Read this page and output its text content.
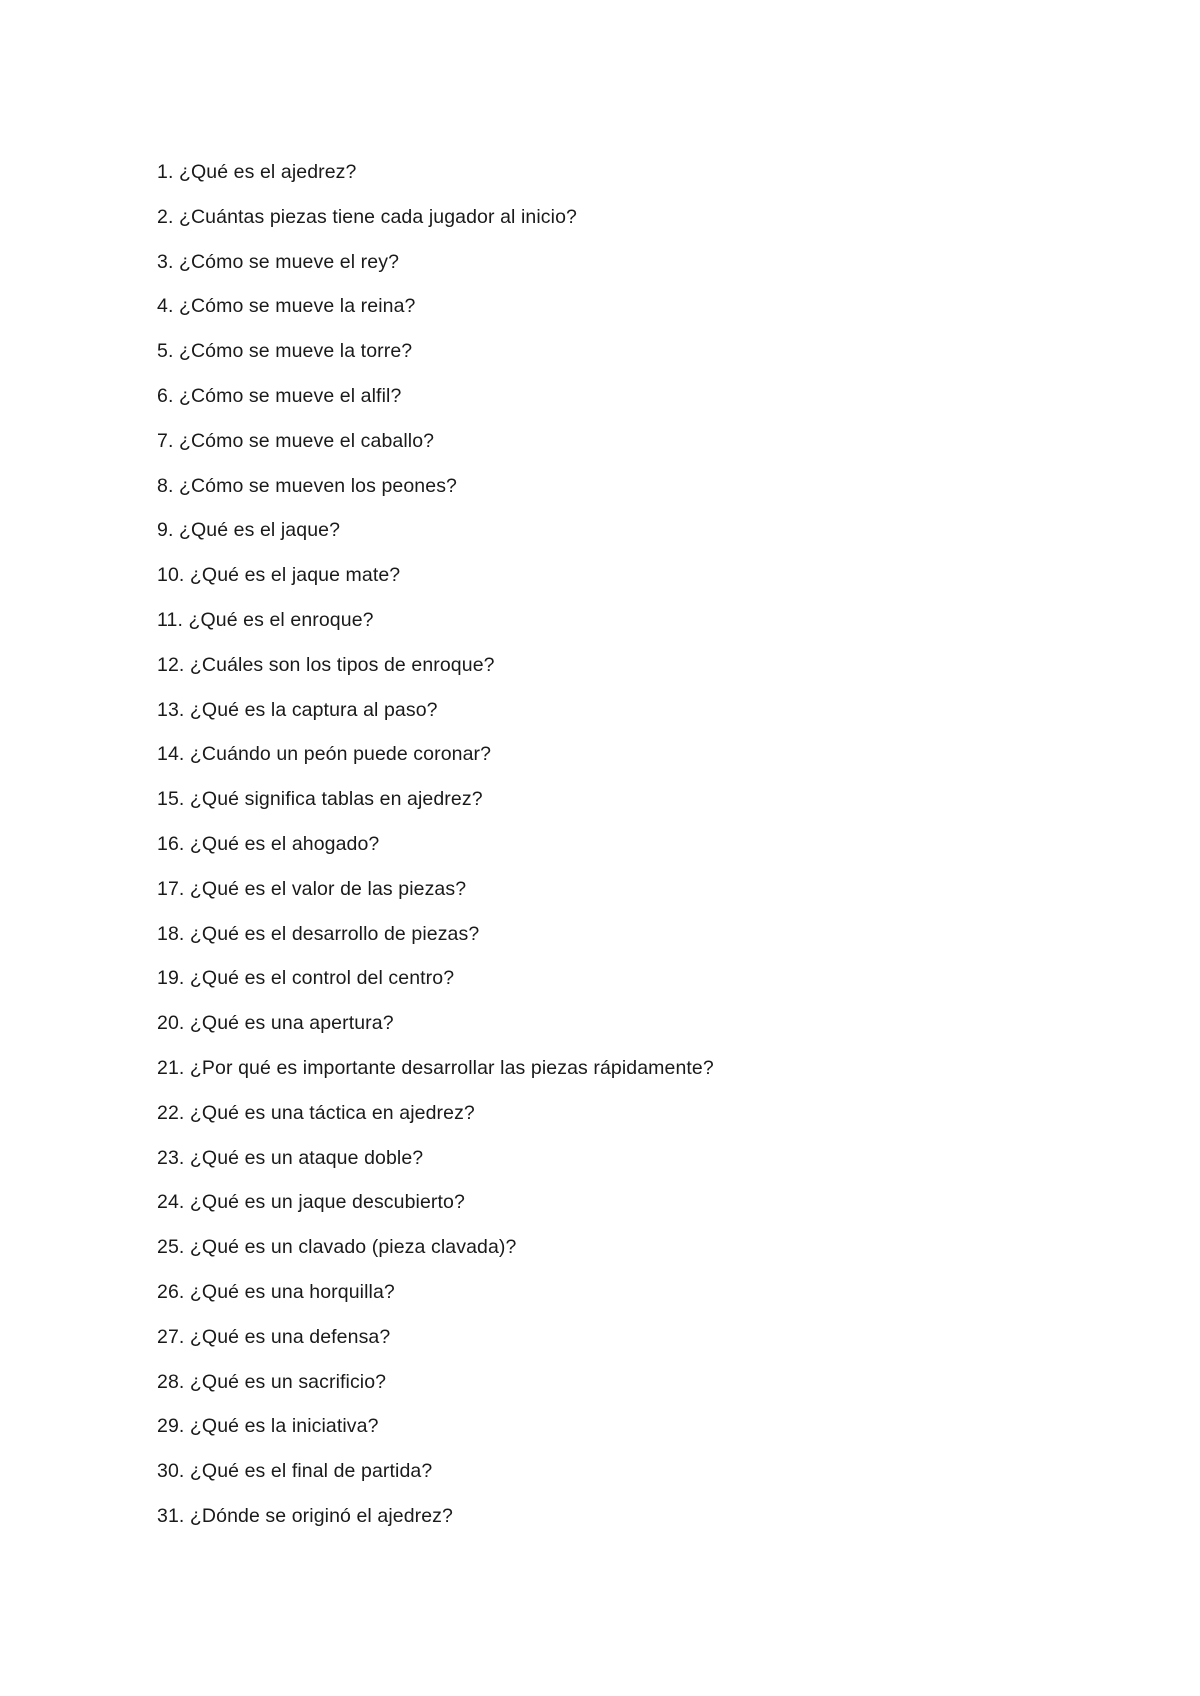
1. ¿Qué es el ajedrez?
2. ¿Cuántas piezas tiene cada jugador al inicio?
3. ¿Cómo se mueve el rey?
4. ¿Cómo se mueve la reina?
5. ¿Cómo se mueve la torre?
6. ¿Cómo se mueve el alfil?
7. ¿Cómo se mueve el caballo?
8. ¿Cómo se mueven los peones?
9. ¿Qué es el jaque?
10. ¿Qué es el jaque mate?
11. ¿Qué es el enroque?
12. ¿Cuáles son los tipos de enroque?
13. ¿Qué es la captura al paso?
14. ¿Cuándo un peón puede coronar?
15. ¿Qué significa tablas en ajedrez?
16. ¿Qué es el ahogado?
17. ¿Qué es el valor de las piezas?
18. ¿Qué es el desarrollo de piezas?
19. ¿Qué es el control del centro?
20. ¿Qué es una apertura?
21. ¿Por qué es importante desarrollar las piezas rápidamente?
22. ¿Qué es una táctica en ajedrez?
23. ¿Qué es un ataque doble?
24. ¿Qué es un jaque descubierto?
25. ¿Qué es un clavado (pieza clavada)?
26. ¿Qué es una horquilla?
27. ¿Qué es una defensa?
28. ¿Qué es un sacrificio?
29. ¿Qué es la iniciativa?
30. ¿Qué es el final de partida?
31. ¿Dónde se originó el ajedrez?
